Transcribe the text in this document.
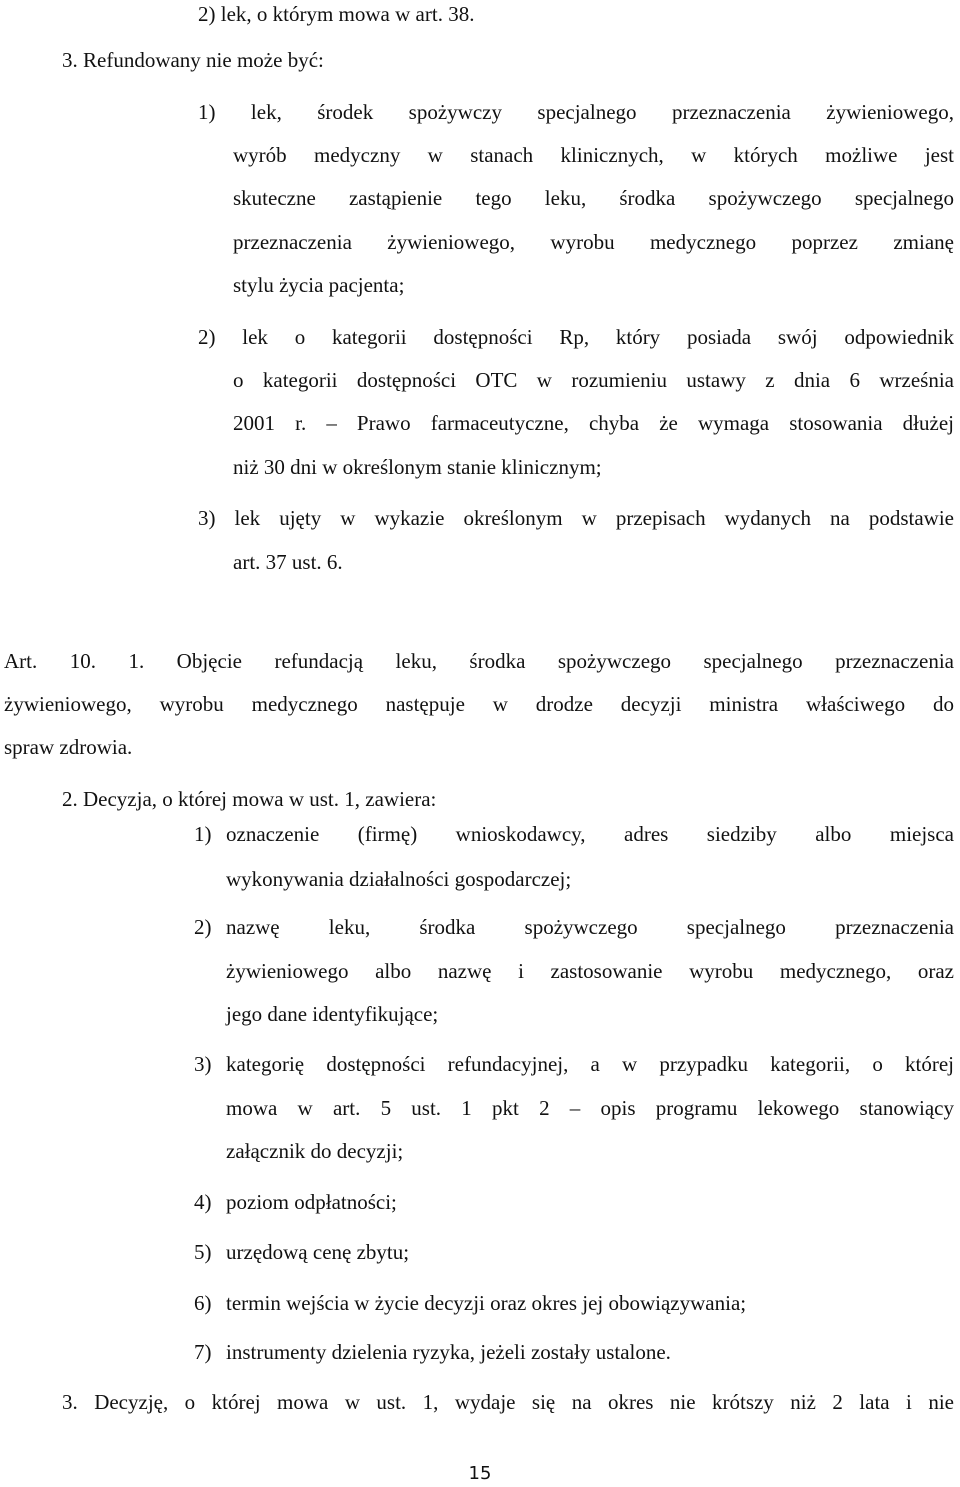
2) lek, o którym mowa w art. 38.
3. Refundowany nie może być:
1) lek, środek spożywczy specjalnego przeznaczenia żywieniowego,
wyrób medyczny w stanach klinicznych, w których możliwe jest
skuteczne zastąpienie tego leku, środka spożywczego specjalnego
przeznaczenia żywieniowego, wyrobu medycznego poprzez zmianę
stylu życia pacjenta;
2) lek o kategorii dostępności Rp, który posiada swój odpowiednik
o kategorii dostępności OTC w rozumieniu ustawy z dnia 6 września
2001 r. – Prawo farmaceutyczne, chyba że wymaga stosowania dłużej
niż 30 dni w określonym stanie klinicznym;
3) lek ujęty w wykazie określonym w przepisach wydanych na podstawie
art. 37 ust. 6.
Art. 10. 1. Objęcie refundacją leku, środka spożywczego specjalnego przeznaczenia
żywieniowego, wyrobu medycznego następuje w drodze decyzji ministra właściwego do
spraw zdrowia.
2. Decyzja, o której mowa w ust. 1, zawiera:
1) oznaczenie (firmę) wnioskodawcy, adres siedziby albo miejsca
wykonywania działalności gospodarczej;
2) nazwę leku, środka spożywczego specjalnego przeznaczenia
żywieniowego albo nazwę i zastosowanie wyrobu medycznego, oraz
jego dane identyfikujące;
3) kategorię dostępności refundacyjnej, a w przypadku kategorii, o której
mowa w art. 5 ust. 1 pkt 2 – opis programu lekowego stanowiący
załącznik do decyzji;
4) poziom odpłatności;
5) urzędową cenę zbytu;
6) termin wejścia w życie decyzji oraz okres jej obowiązywania;
7) instrumenty dzielenia ryzyka, jeżeli zostały ustalone.
3. Decyzję, o której mowa w ust. 1, wydaje się na okres nie krótszy niż 2 lata i nie
15
